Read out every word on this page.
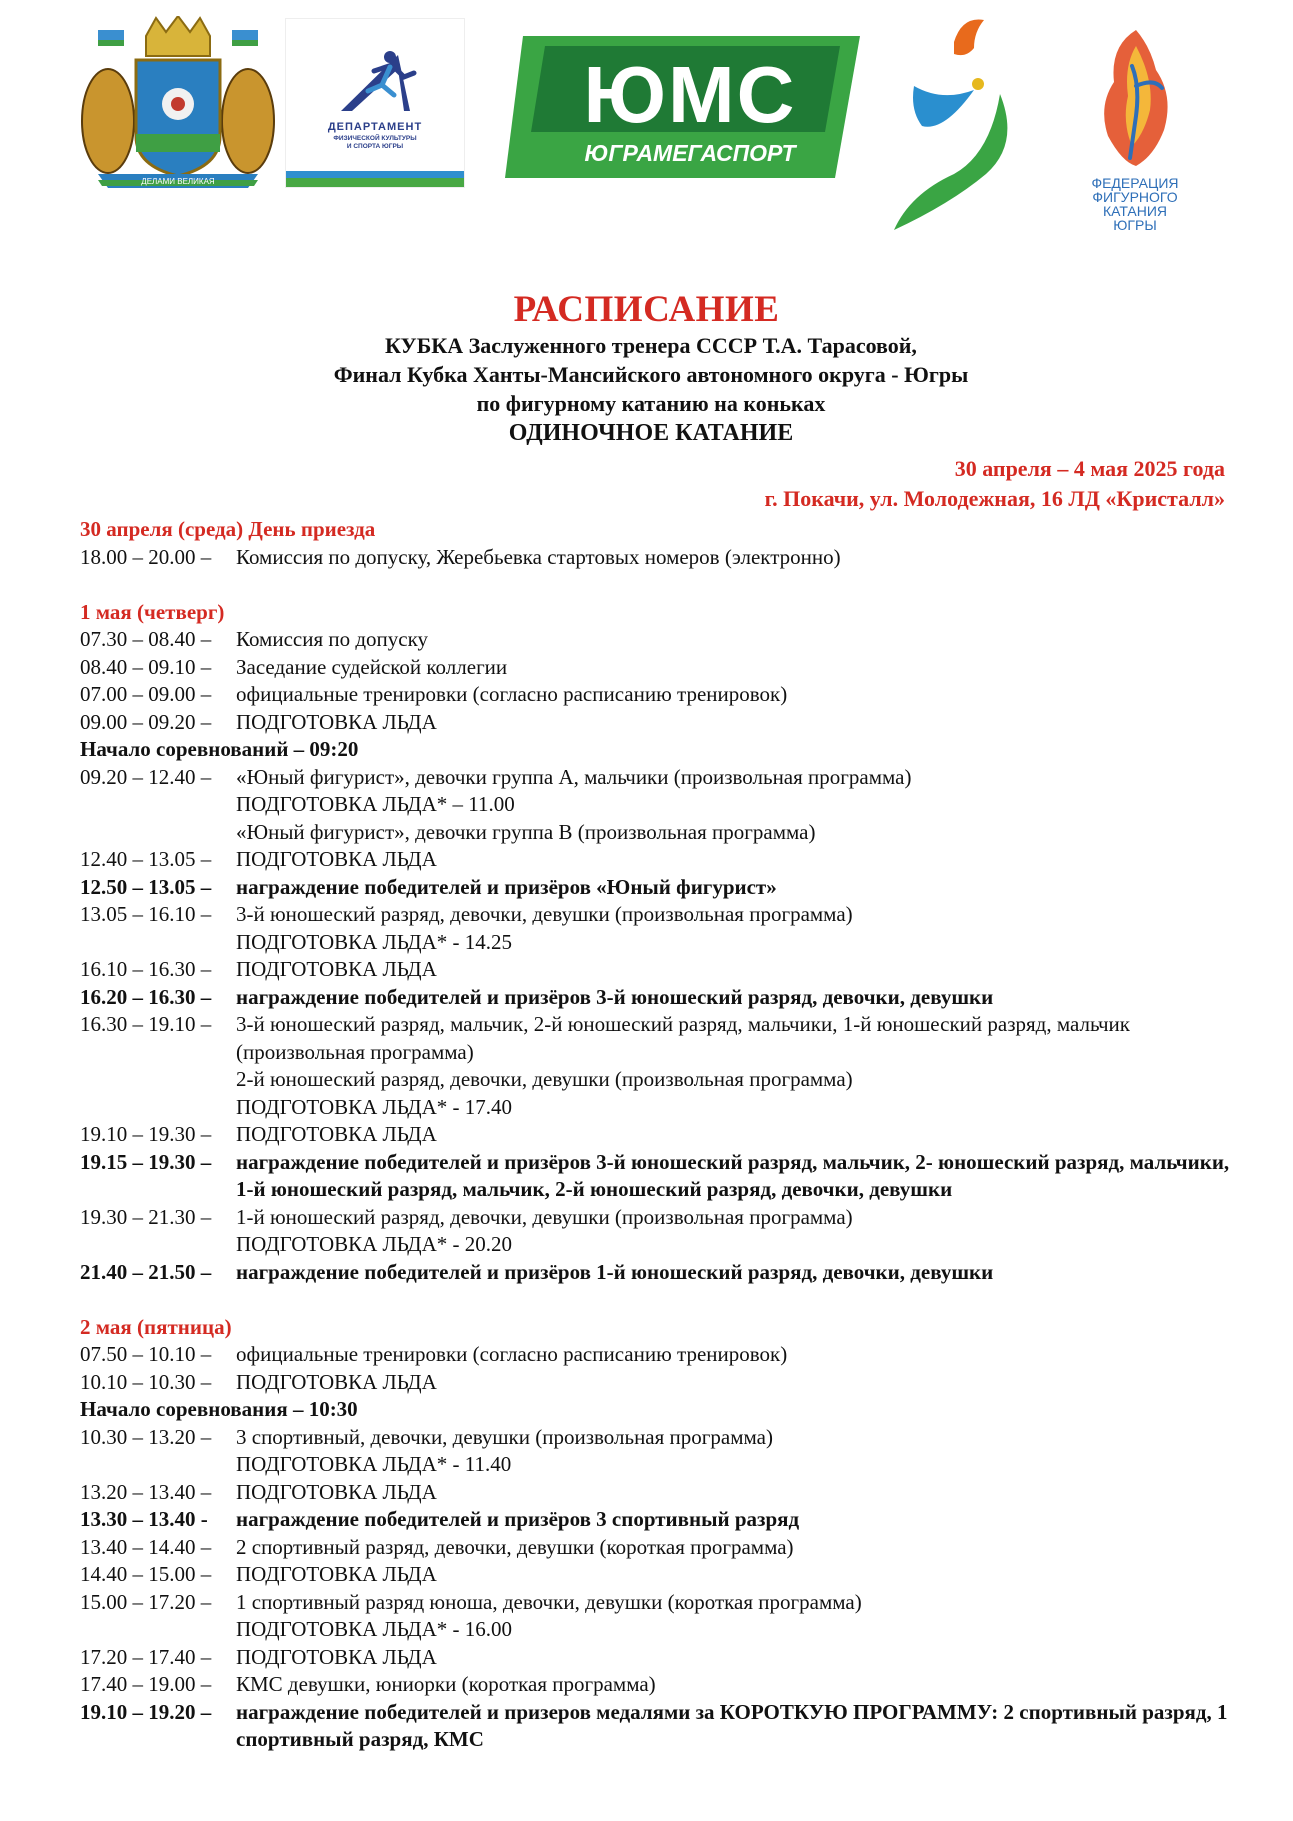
ДЕЛАМИ ВЕЛИКАЯ
ДЕПАРТАМЕНТ
ФИЗИЧЕСКОЙ КУЛЬТУРЫ
И СПОРТА ЮГРЫ
ЮМС
ЮГРАМЕГАСПОРТ
ФЕДЕРАЦИЯ
ФИГУРНОГО
КАТАНИЯ
ЮГРЫ
РАСПИСАНИЕ
КУБКА Заслуженного тренера СССР Т.А. Тарасовой,
Финал Кубка Ханты-Мансийского автономного округа - Югры
по фигурному катанию на коньках
ОДИНОЧНОЕ КАТАНИЕ
30 апреля – 4 мая 2025 года
г. Покачи, ул. Молодежная, 16 ЛД «Кристалл»
30 апреля (среда) День приезда
18.00 – 20.00 –	Комиссия по допуску, Жеребьевка стартовых номеров (электронно)
1 мая (четверг)
07.30 – 08.40 –	Комиссия по допуску
08.40 – 09.10 –	Заседание судейской коллегии
07.00 – 09.00 –	официальные тренировки (согласно расписанию тренировок)
09.00 – 09.20 –	ПОДГОТОВКА ЛЬДА
Начало соревнований – 09:20
09.20 – 12.40 –	«Юный фигурист», девочки группа А, мальчики (произвольная программа)
ПОДГОТОВКА ЛЬДА* – 11.00
«Юный фигурист», девочки группа В (произвольная программа)
12.40 – 13.05 –	ПОДГОТОВКА ЛЬДА
12.50 – 13.05 –	награждение победителей и призёров «Юный фигурист»
13.05 – 16.10 –	3-й юношеский разряд, девочки, девушки (произвольная программа)
ПОДГОТОВКА ЛЬДА* - 14.25
16.10 – 16.30 –	ПОДГОТОВКА ЛЬДА
16.20 – 16.30 –	награждение победителей и призёров 3-й юношеский разряд, девочки, девушки
16.30 – 19.10 –	3-й юношеский разряд, мальчик, 2-й юношеский разряд, мальчики, 1-й юношеский разряд, мальчик (произвольная программа)
2-й юношеский разряд, девочки, девушки (произвольная программа)
ПОДГОТОВКА ЛЬДА* - 17.40
19.10 – 19.30 –	ПОДГОТОВКА ЛЬДА
19.15 – 19.30 –	награждение победителей и призёров 3-й юношеский разряд, мальчик, 2- юношеский разряд, мальчики, 1-й юношеский разряд, мальчик, 2-й юношеский разряд, девочки, девушки
19.30 – 21.30 –	1-й юношеский разряд, девочки, девушки (произвольная программа)
ПОДГОТОВКА ЛЬДА* - 20.20
21.40 – 21.50 –	награждение победителей и призёров 1-й юношеский разряд, девочки, девушки
2 мая (пятница)
07.50 – 10.10 –	официальные тренировки (согласно расписанию тренировок)
10.10 – 10.30 –	ПОДГОТОВКА ЛЬДА
Начало соревнования – 10:30
10.30 – 13.20 –	3 спортивный, девочки, девушки (произвольная программа)
ПОДГОТОВКА ЛЬДА* - 11.40
13.20 – 13.40 –	ПОДГОТОВКА ЛЬДА
13.30 – 13.40 -	награждение победителей и призёров 3 спортивный разряд
13.40 – 14.40 –	2 спортивный разряд, девочки, девушки (короткая программа)
14.40 – 15.00 –	ПОДГОТОВКА ЛЬДА
15.00 – 17.20 –	1 спортивный разряд юноша, девочки, девушки (короткая программа)
ПОДГОТОВКА ЛЬДА* - 16.00
17.20 – 17.40 –	ПОДГОТОВКА ЛЬДА
17.40 – 19.00 –	КМС девушки, юниорки (короткая программа)
19.10 – 19.20 –	награждение победителей и призеров медалями за КОРОТКУЮ ПРОГРАММУ: 2 спортивный разряд, 1 спортивный разряд, КМС
